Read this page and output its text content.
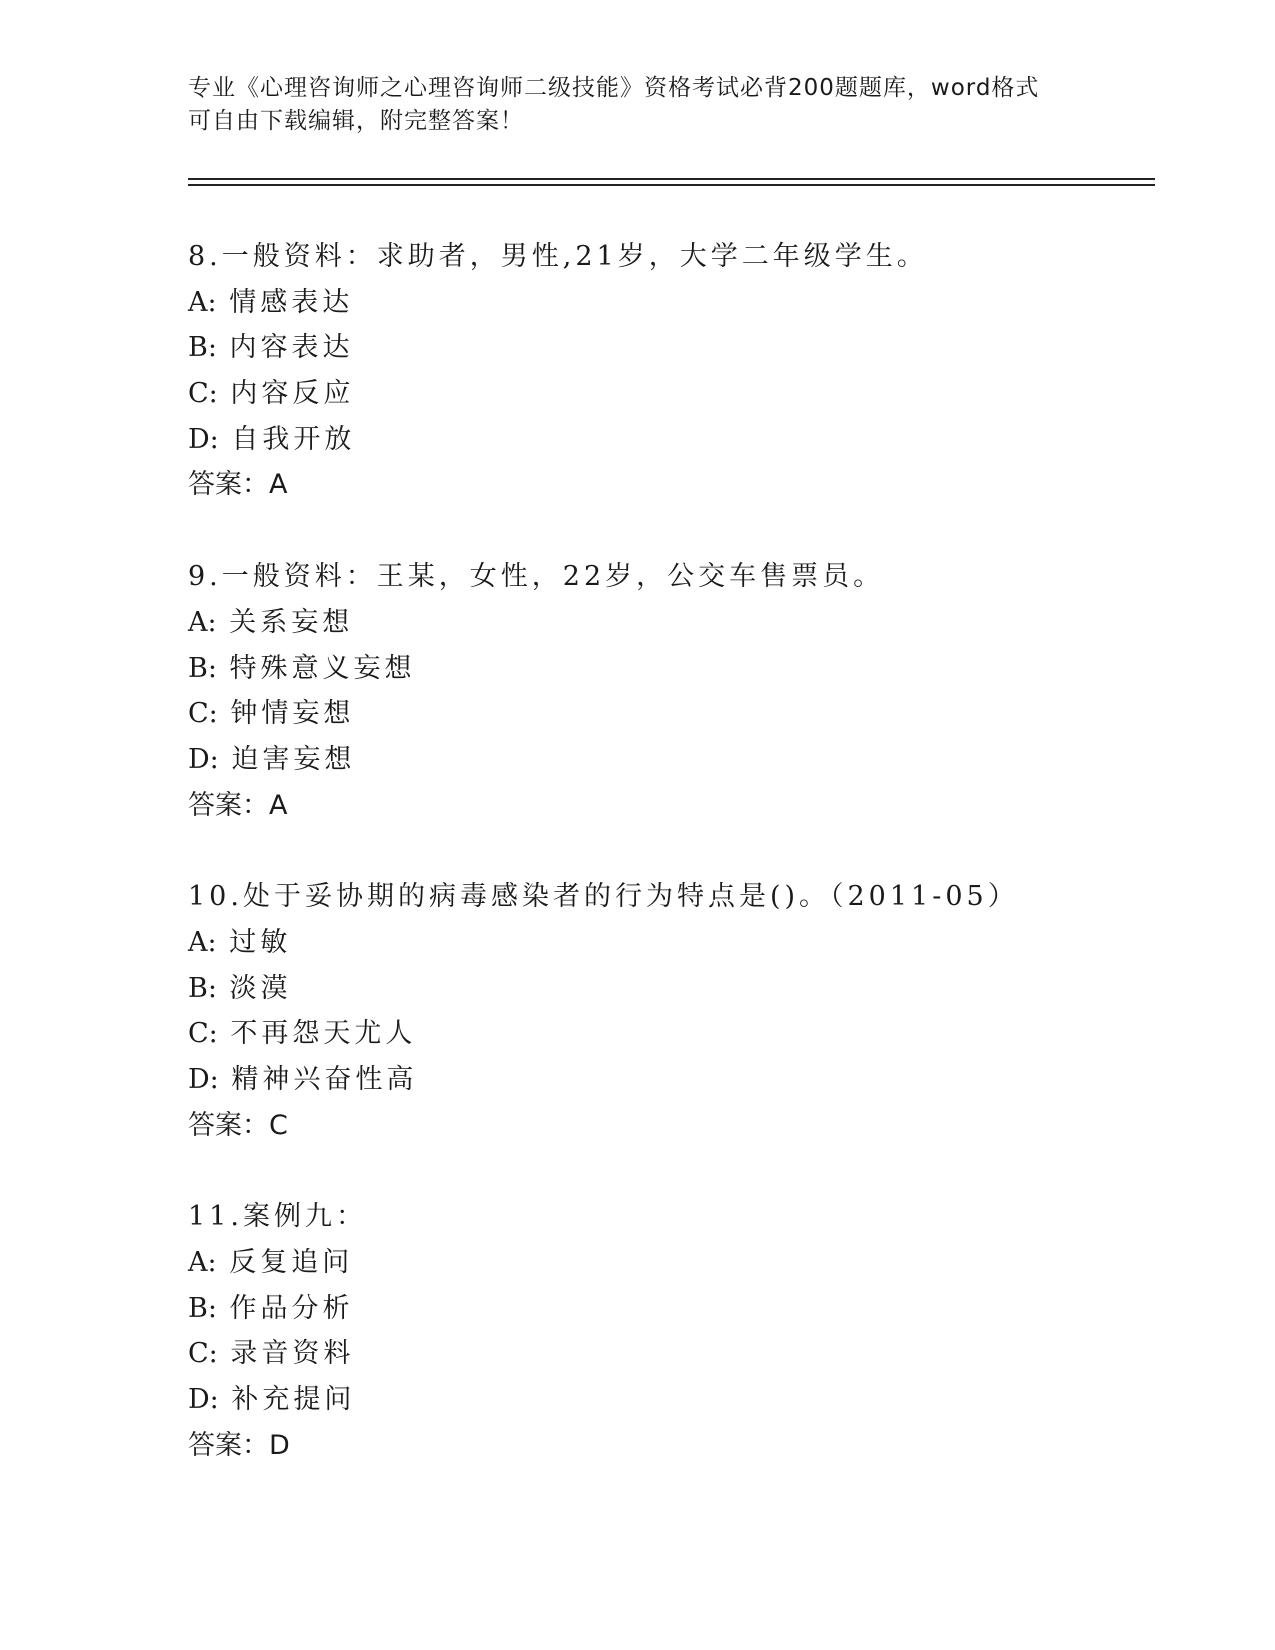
专业《心理咨询师之心理咨询师二级技能》资格考试必背200题题库，word格式
可自由下载编辑，附完整答案！
8.一般资料：求助者，男性,21岁，大学二年级学生。
A: 情感表达
B: 内容表达
C: 内容反应
D: 自我开放
答案：A
9.一般资料：王某，女性，22岁，公交车售票员。
A: 关系妄想
B: 特殊意义妄想
C: 钟情妄想
D: 迫害妄想
答案：A
10.处于妥协期的病毒感染者的行为特点是()。（2011-05）
A: 过敏
B: 淡漠
C: 不再怨天尤人
D: 精神兴奋性高
答案：C
11.案例九：
A: 反复追问
B: 作品分析
C: 录音资料
D: 补充提问
答案：D
